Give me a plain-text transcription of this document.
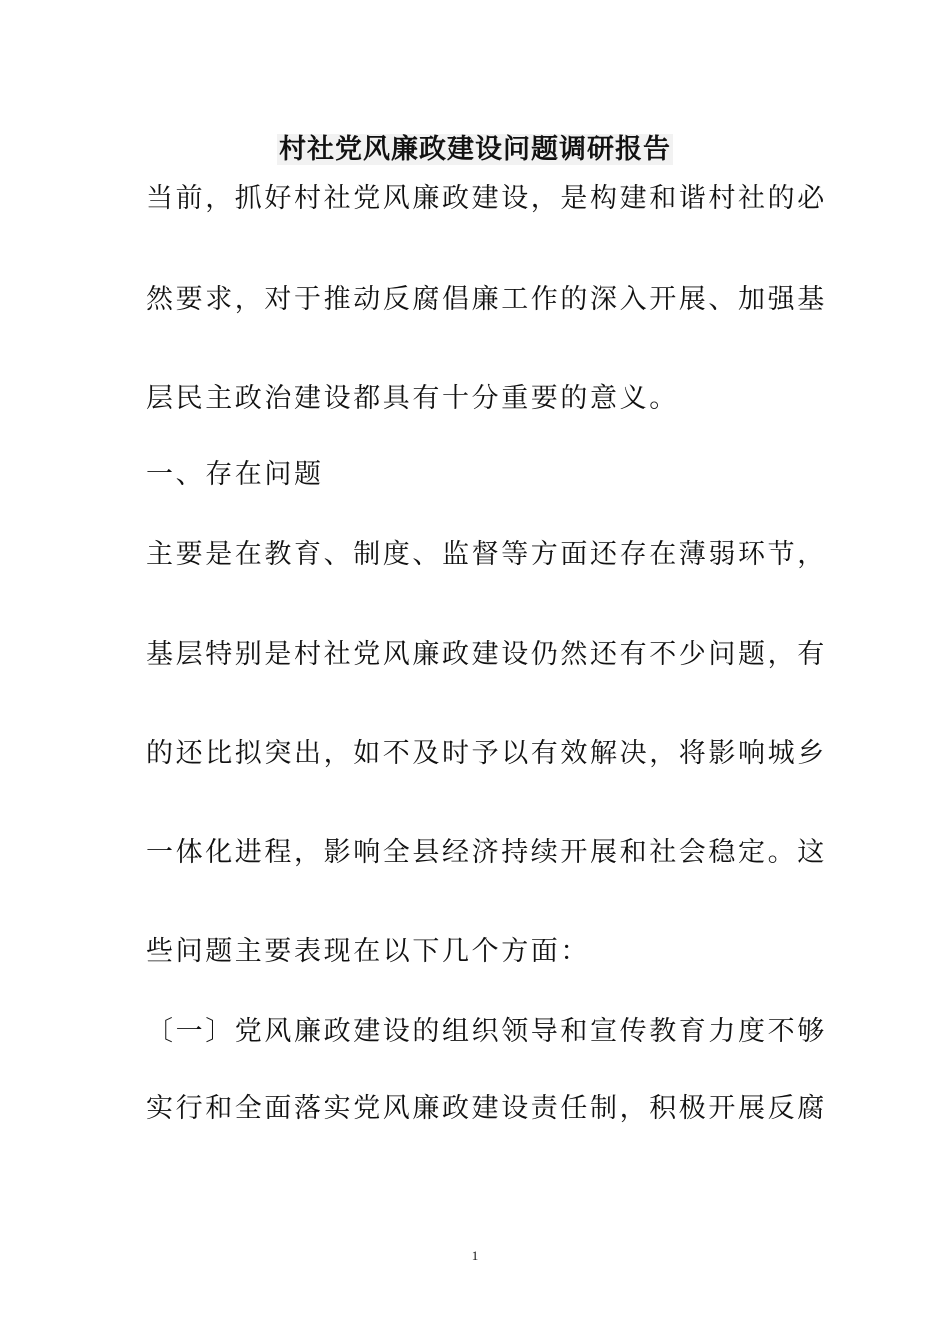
村社党风廉政建设问题调研报告
当前，抓好村社党风廉政建设，是构建和谐村社的必
然要求，对于推动反腐倡廉工作的深入开展、加强基
层民主政治建设都具有十分重要的意义。
一、存在问题
主要是在教育、制度、监督等方面还存在薄弱环节，
基层特别是村社党风廉政建设仍然还有不少问题，有
的还比拟突出，如不及时予以有效解决，将影响城乡
一体化进程，影响全县经济持续开展和社会稳定。这
些问题主要表现在以下几个方面：
〔一〕党风廉政建设的组织领导和宣传教育力度不够
实行和全面落实党风廉政建设责任制，积极开展反腐
1
